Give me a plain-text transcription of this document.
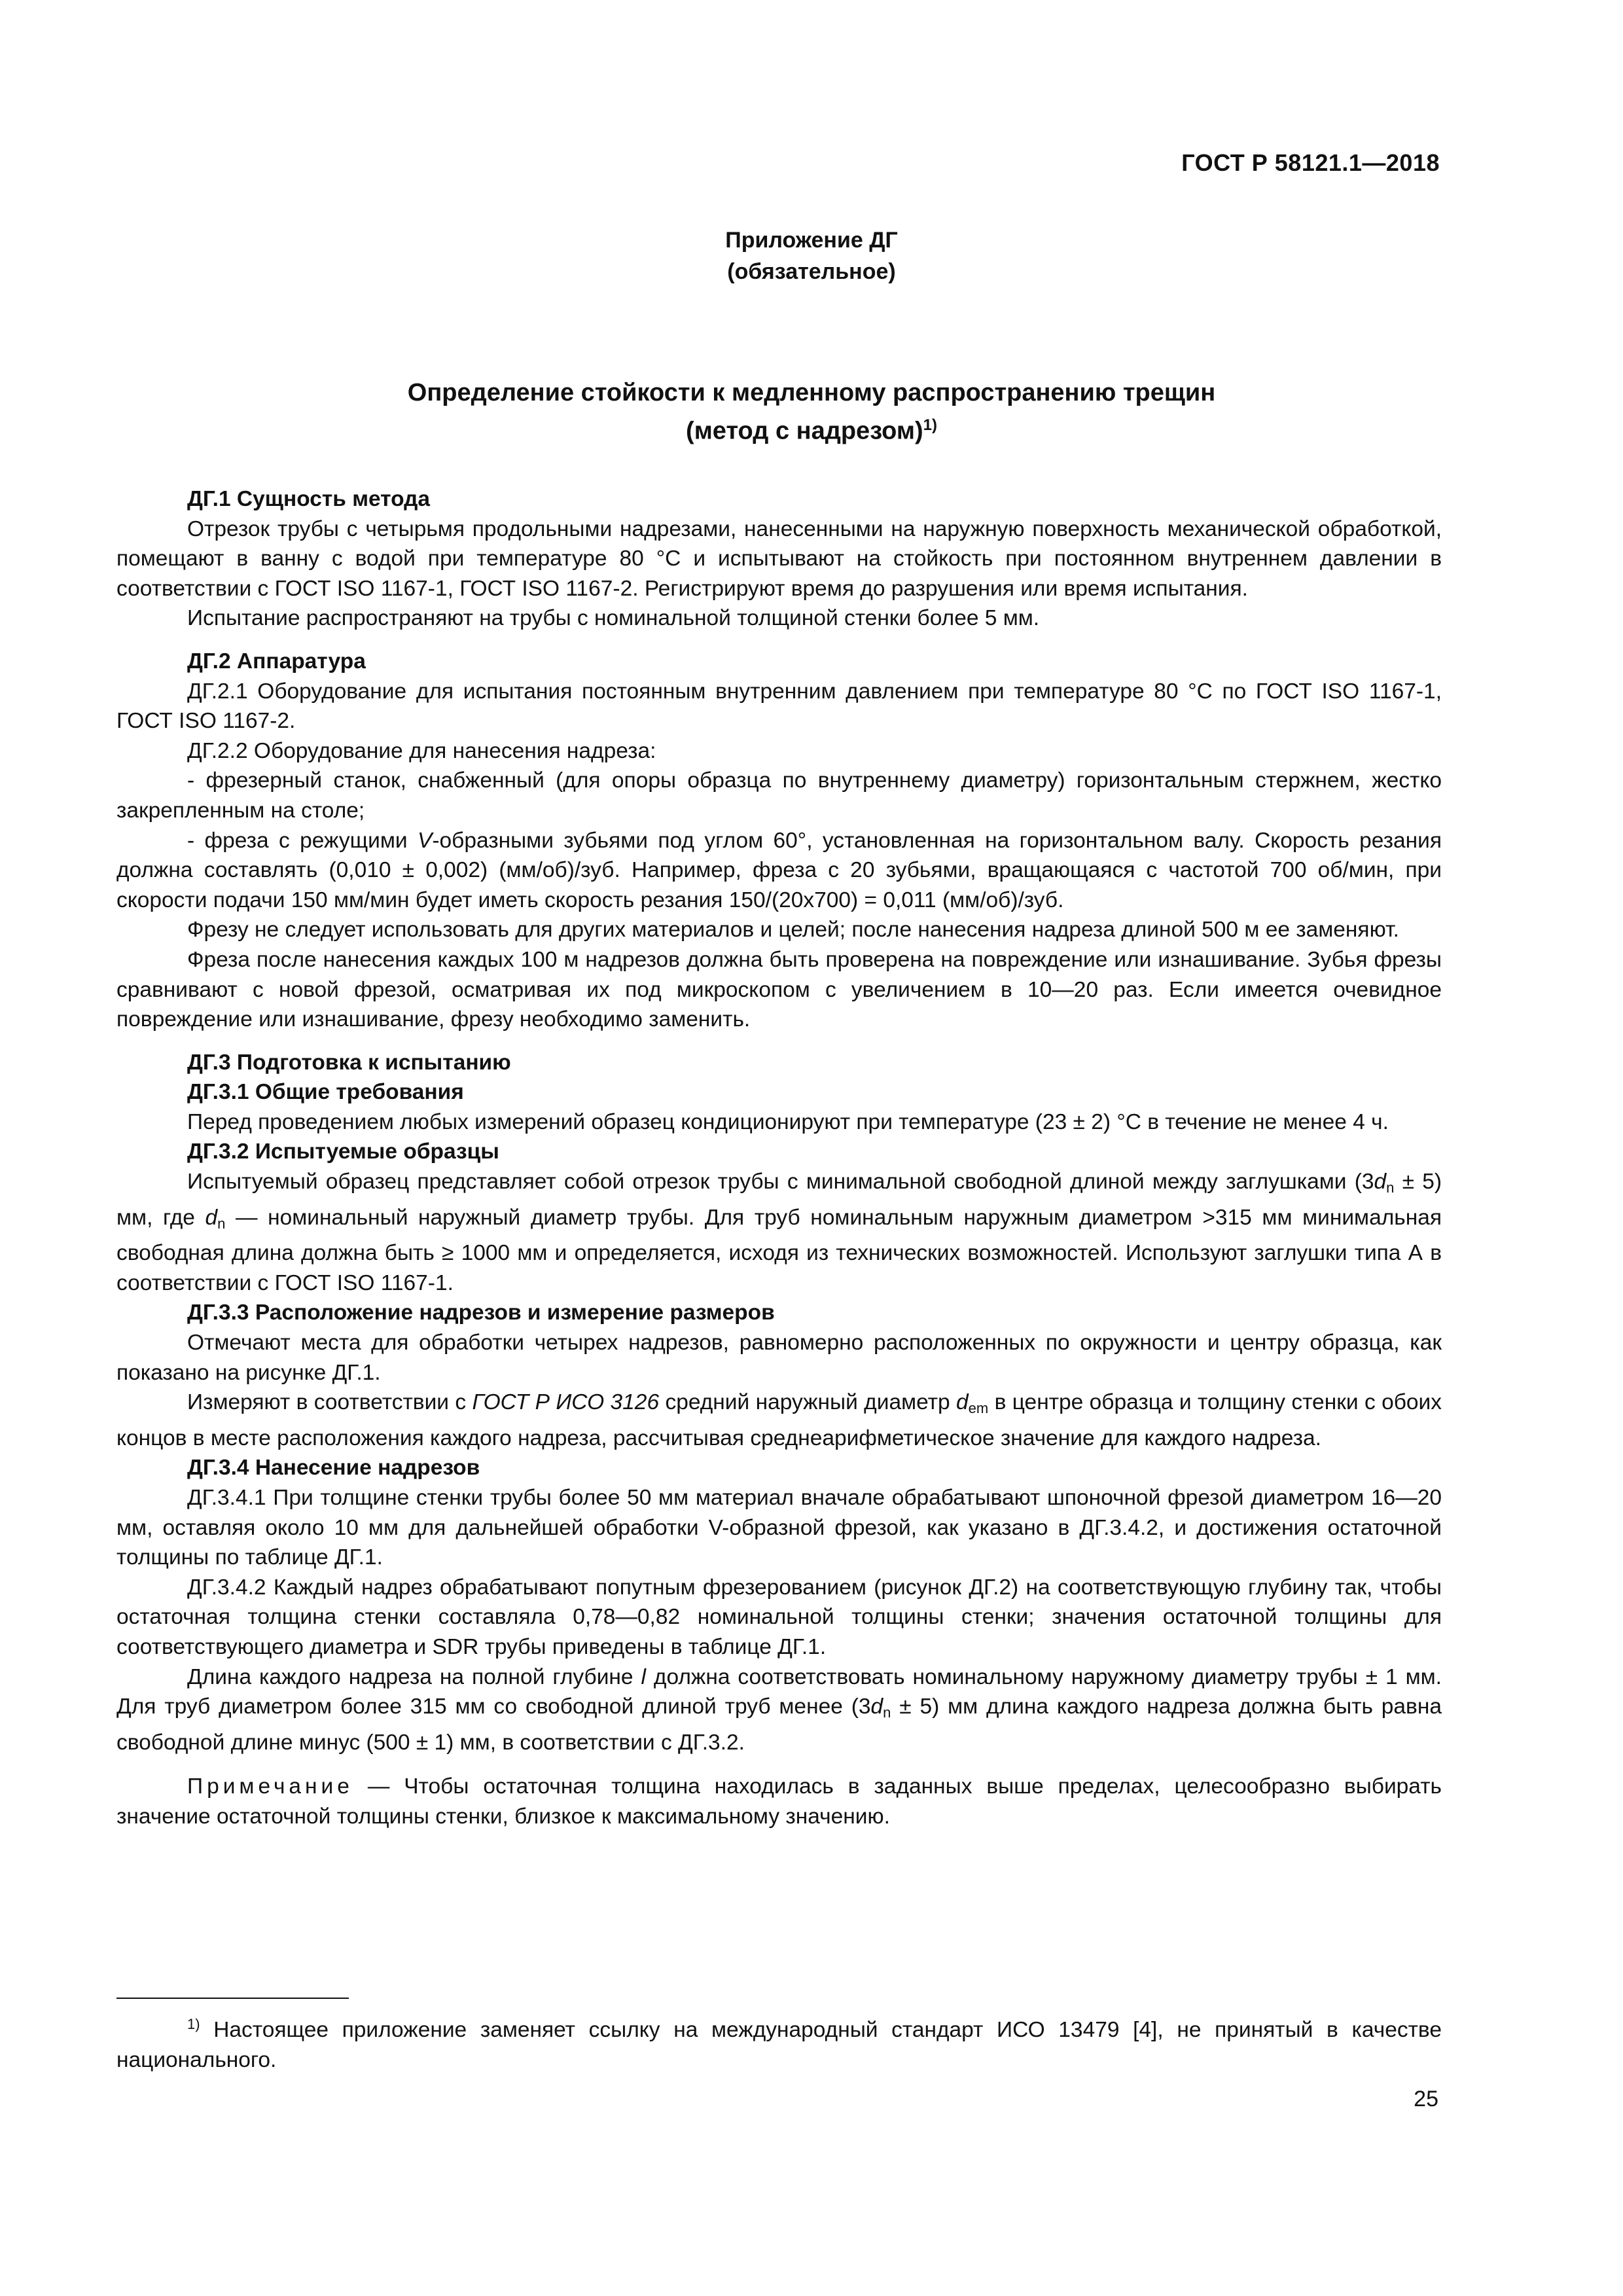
ГОСТ Р 58121.1—2018
Приложение ДГ
(обязательное)
Определение стойкости к медленному распространению трещин
(метод с надрезом)$^{1)}$
ДГ.1 Сущность метода

Отрезок трубы с четырьмя продольными надрезами, нанесенными на наружную поверхность механической обработкой, помещают в ванну с водой при температуре 80 °С и испытывают на стойкость при постоянном внутреннем давлении в соответствии с ГОСТ ISO 1167-1, ГОСТ ISO 1167-2. Регистрируют время до разрушения или время испытания.

Испытание распространяют на трубы с номинальной толщиной стенки более 5 мм.

ДГ.2 Аппаратура

ДГ.2.1 Оборудование для испытания постоянным внутренним давлением при температуре 80 °С по ГОСТ ISO 1167-1, ГОСТ ISO 1167-2.

ДГ.2.2 Оборудование для нанесения надреза:

- фрезерный станок, снабженный (для опоры образца по внутреннему диаметру) горизонтальным стержнем, жестко закрепленным на столе;

- фреза с режущими V-образными зубьями под углом 60°, установленная на горизонтальном валу. Скорость резания должна составлять (0,010 ± 0,002) (мм/об)/зуб. Например, фреза с 20 зубьями, вращающаяся с частотой 700 об/мин, при скорости подачи 150 мм/мин будет иметь скорость резания 150/(20х700) = 0,011 (мм/об)/зуб.

Фрезу не следует использовать для других материалов и целей; после нанесения надреза длиной 500 м ее заменяют.

Фреза после нанесения каждых 100 м надрезов должна быть проверена на повреждение или изнашивание. Зубья фрезы сравнивают с новой фрезой, осматривая их под микроскопом с увеличением в 10—20 раз. Если имеется очевидное повреждение или изнашивание, фрезу необходимо заменить.

ДГ.3 Подготовка к испытанию
ДГ.3.1 Общие требования

Перед проведением любых измерений образец кондиционируют при температуре (23 ± 2) °С в течение не менее 4 ч.

ДГ.3.2 Испытуемые образцы

Испытуемый образец представляет собой отрезок трубы с минимальной свободной длиной между заглушками $(3d_n \pm 5)$ мм, где $d_n$ — номинальный наружный диаметр трубы. Для труб номинальным наружным диаметром >315 мм минимальная свободная длина должна быть ≥ 1000 мм и определяется, исходя из технических возможностей. Используют заглушки типа А в соответствии с ГОСТ ISO 1167-1.

ДГ.3.3 Расположение надрезов и измерение размеров

Отмечают места для обработки четырех надрезов, равномерно расположенных по окружности и центру образца, как показано на рисунке ДГ.1.

Измеряют в соответствии с ГОСТ Р ИСО 3126 средний наружный диаметр $d_{em}$ в центре образца и толщину стенки с обоих концов в месте расположения каждого надреза, рассчитывая среднеарифметическое значение для каждого надреза.

ДГ.3.4 Нанесение надрезов

ДГ.3.4.1 При толщине стенки трубы более 50 мм материал вначале обрабатывают шпоночной фрезой диаметром 16—20 мм, оставляя около 10 мм для дальнейшей обработки V-образной фрезой, как указано в ДГ.3.4.2, и достижения остаточной толщины по таблице ДГ.1.

ДГ.3.4.2 Каждый надрез обрабатывают попутным фрезерованием (рисунок ДГ.2) на соответствующую глубину так, чтобы остаточная толщина стенки составляла 0,78—0,82 номинальной толщины стенки; значения остаточной толщины для соответствующего диаметра и SDR трубы приведены в таблице ДГ.1.

Длина каждого надреза на полной глубине l должна соответствовать номинальному наружному диаметру трубы ± 1 мм. Для труб диаметром более 315 мм со свободной длиной труб менее $(3d_n \pm 5)$ мм длина каждого надреза должна быть равна свободной длине минус (500 ± 1) мм, в соответствии с ДГ.3.2.

Примечание — Чтобы остаточная толщина находилась в заданных выше пределах, целесообразно выбирать значение остаточной толщины стенки, близкое к максимальному значению.

$^{1)}$ Настоящее приложение заменяет ссылку на международный стандарт ИСО 13479 [4], не принятый в качестве национального.
25
